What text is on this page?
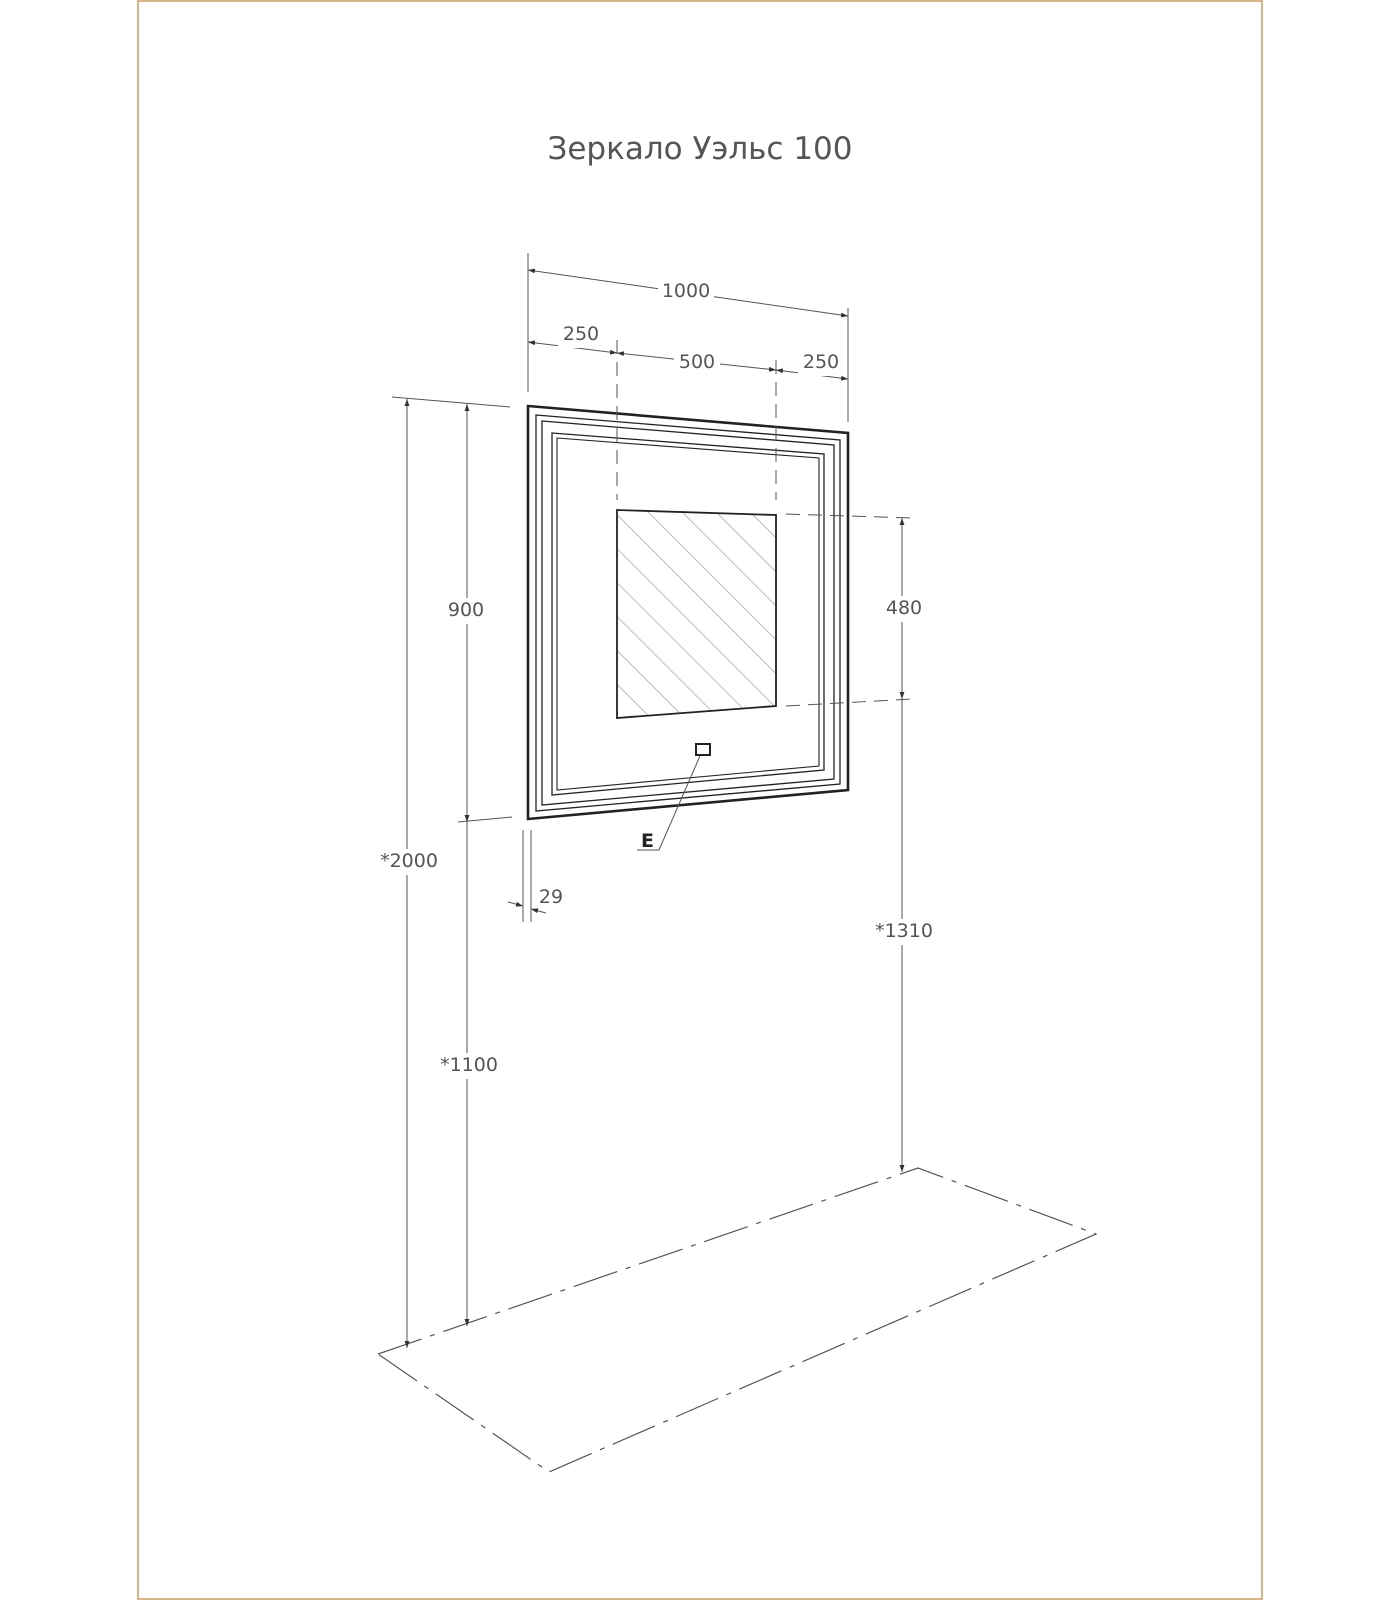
Зеркало Уэльс 100
E
1000
250
500	250
900	480
*2000
29
*1310
*1100
